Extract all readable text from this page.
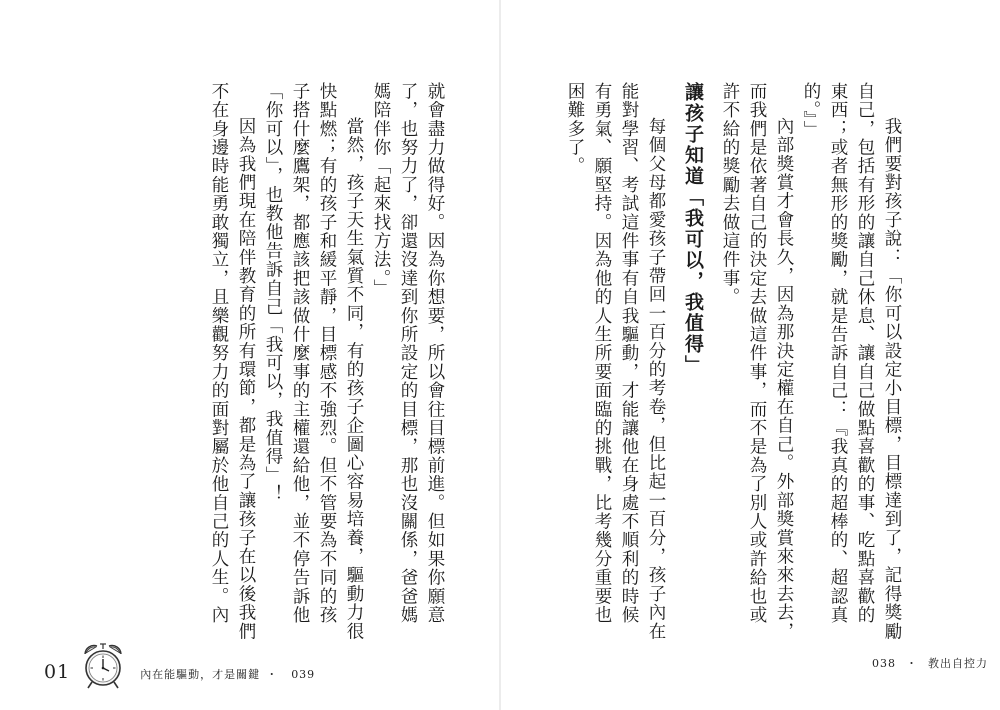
我們要對孩子說：「你可以設定小目標，目標達到了，記得獎勵自己，包括有形的讓自己休息、讓自己做點喜歡的事、吃點喜歡的東西；或者無形的獎勵，就是告訴自己：『我真的超棒的、超認真的。』」

內部獎賞才會長久，因為那決定權在自己。外部獎賞來來去去，而我們是依著自己的決定去做這件事，而不是為了別人或許給也或許不給的獎勵去做這件事。

讓孩子知道「我可以，我值得」

每個父母都愛孩子帶回一百分的考卷，但比起一百分，孩子內在能對學習、考試這件事有自我驅動，才能讓他在身處不順利的時候有勇氣、願堅持。因為他的人生所要面臨的挑戰，比考幾分重要也困難多了。

就會盡力做得好。因為你想要，所以會往目標前進。但如果你願意了，也努力了，卻還沒達到你所設定的目標，那也沒關係，爸爸媽媽陪伴你「起來找方法。」

當然，孩子天生氣質不同，有的孩子企圖心容易培養，驅動力很快點燃；有的孩子和緩平靜，目標感不強烈。但不管要為不同的孩子搭什麼鷹架，都應該把該做什麼事的主權還給他，並不停告訴他「你可以」，也教他告訴自己「我可以，我值得」！

因為我們現在陪伴教育的所有環節，都是為了讓孩子在以後我們不在身邊時能勇敢獨立，且樂觀努力的面對屬於他自己的人生。內

038 ・ 教出自控力
01	內在能驅動，才是關鍵 ・ 039
